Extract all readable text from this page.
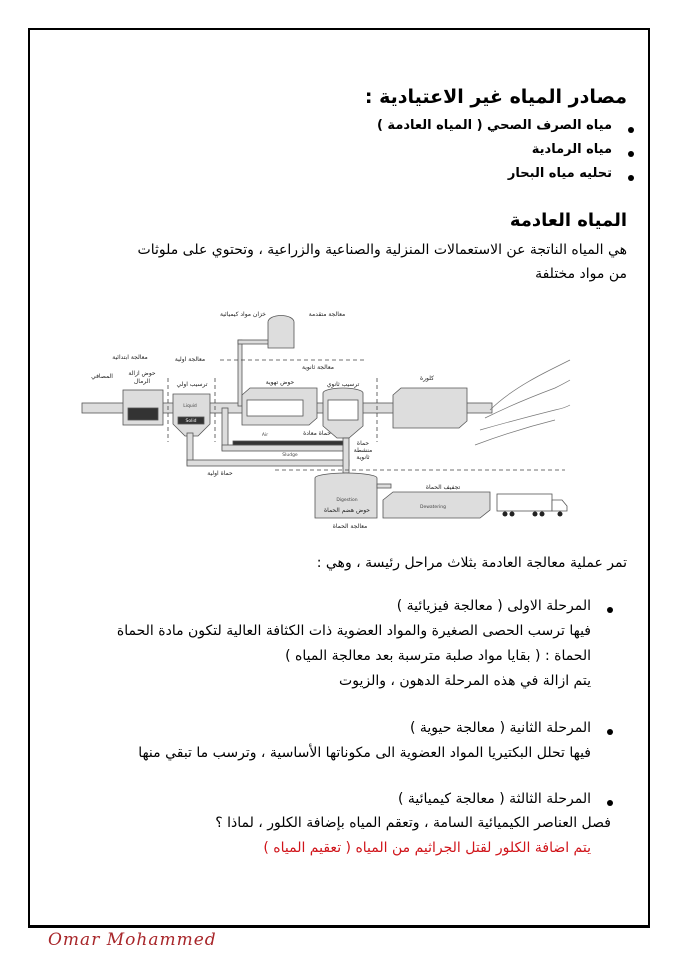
مصادر المياه غير الاعتيادية :
مياه الصرف الصحي ( المياه العادمة )
مياه الرمادية
تحليه مياه البحار
المياه العادمة
هي المياه الناتجة عن الاستعمالات المنزلية والصناعية والزراعية ، وتحتوي على ملوثات
من مواد مختلفة
معالجة متقدمة
خزان مواد كيميائية
معالجة ابتدائية	معالجة اولية
معالجة ثانوية
المصافي	حوض ازالة
الرمال	ترسيب اولي	حوض تهوية	ترسيب ثانوي
كلورة
حماة معادة
حماة
منشطة
ثانوية
حماة اولية
تجفيف الحماة
حوض هضم الحماة
معالجة الحماة
Liquid
Solid
Air
Sludge
Digestion
Dewatering
تمر عملية معالجة العادمة بثلاث مراحل رئيسة ، وهي :
المرحلة الاولى ( معالجة فيزيائية )
فيها ترسب الحصى الصغيرة والمواد العضوية ذات الكثافة العالية لتكون مادة الحماة
الحماة : ( بقايا مواد صلبة مترسبة بعد معالجة المياه )
يتم ازالة في هذه المرحلة الدهون ، والزيوت
المرحلة الثانية ( معالجة حيوية )
فيها تحلل البكتيريا المواد العضوية الى مكوناتها الأساسية ، وترسب ما تبقي منها
المرحلة الثالثة ( معالجة كيميائية )
فصل العناصر الكيميائية السامة ، وتعقم المياه بإضافة الكلور ، لماذا ؟
يتم اضافة الكلور لقتل الجراثيم من المياه ( تعقيم المياه )
Omar Mohammed
